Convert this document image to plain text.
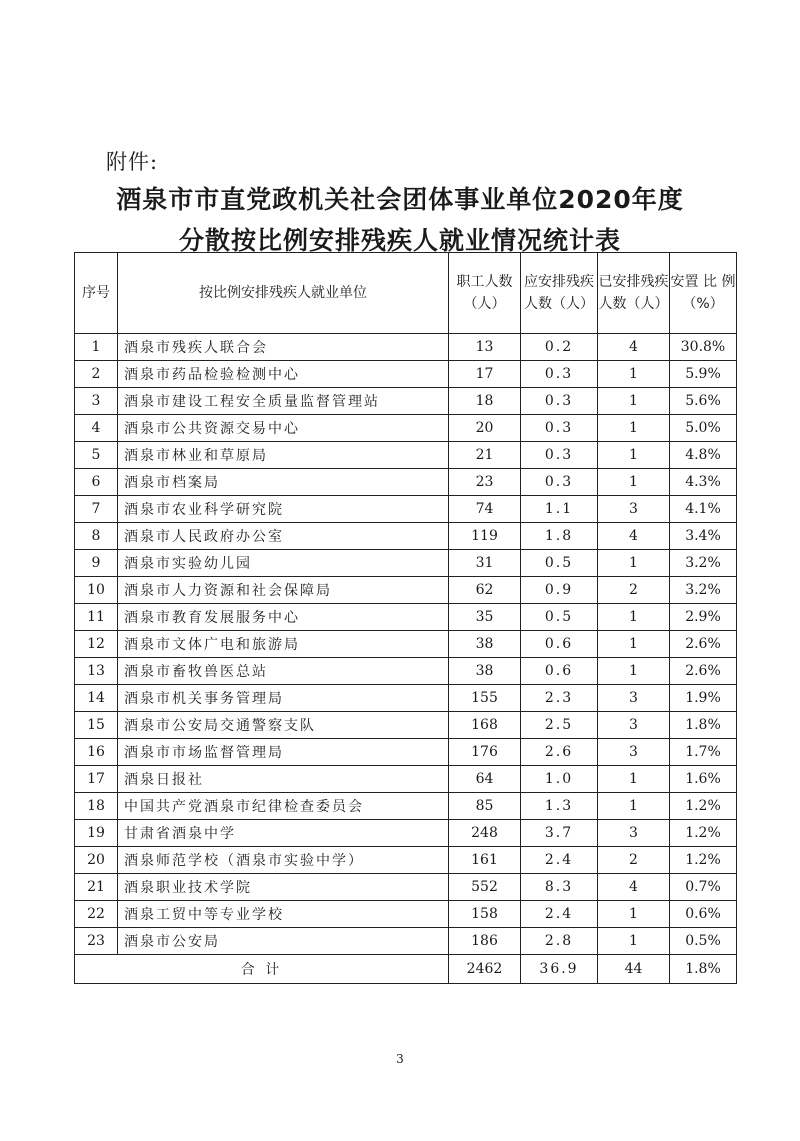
附件:
酒泉市市直党政机关社会团体事业单位2020年度
分散按比例安排残疾人就业情况统计表
序号	按比例安排残疾人就业单位	职工人数（人）	应安排残疾人数（人）	已安排残疾人数（人）	安置 比 例（%）
1	酒泉市残疾人联合会	13	0.2	4	30.8%
2	酒泉市药品检验检测中心	17	0.3	1	5.9%
3	酒泉市建设工程安全质量监督管理站	18	0.3	1	5.6%
4	酒泉市公共资源交易中心	20	0.3	1	5.0%
5	酒泉市林业和草原局	21	0.3	1	4.8%
6	酒泉市档案局	23	0.3	1	4.3%
7	酒泉市农业科学研究院	74	1.1	3	4.1%
8	酒泉市人民政府办公室	119	1.8	4	3.4%
9	酒泉市实验幼儿园	31	0.5	1	3.2%
10	酒泉市人力资源和社会保障局	62	0.9	2	3.2%
11	酒泉市教育发展服务中心	35	0.5	1	2.9%
12	酒泉市文体广电和旅游局	38	0.6	1	2.6%
13	酒泉市畜牧兽医总站	38	0.6	1	2.6%
14	酒泉市机关事务管理局	155	2.3	3	1.9%
15	酒泉市公安局交通警察支队	168	2.5	3	1.8%
16	酒泉市市场监督管理局	176	2.6	3	1.7%
17	酒泉日报社	64	1.0	1	1.6%
18	中国共产党酒泉市纪律检查委员会	85	1.3	1	1.2%
19	甘肃省酒泉中学	248	3.7	3	1.2%
20	酒泉师范学校（酒泉市实验中学）	161	2.4	2	1.2%
21	酒泉职业技术学院	552	8.3	4	0.7%
22	酒泉工贸中等专业学校	158	2.4	1	0.6%
23	酒泉市公安局	186	2.8	1	0.5%
合 计		2462	36.9	44	1.8%
3
